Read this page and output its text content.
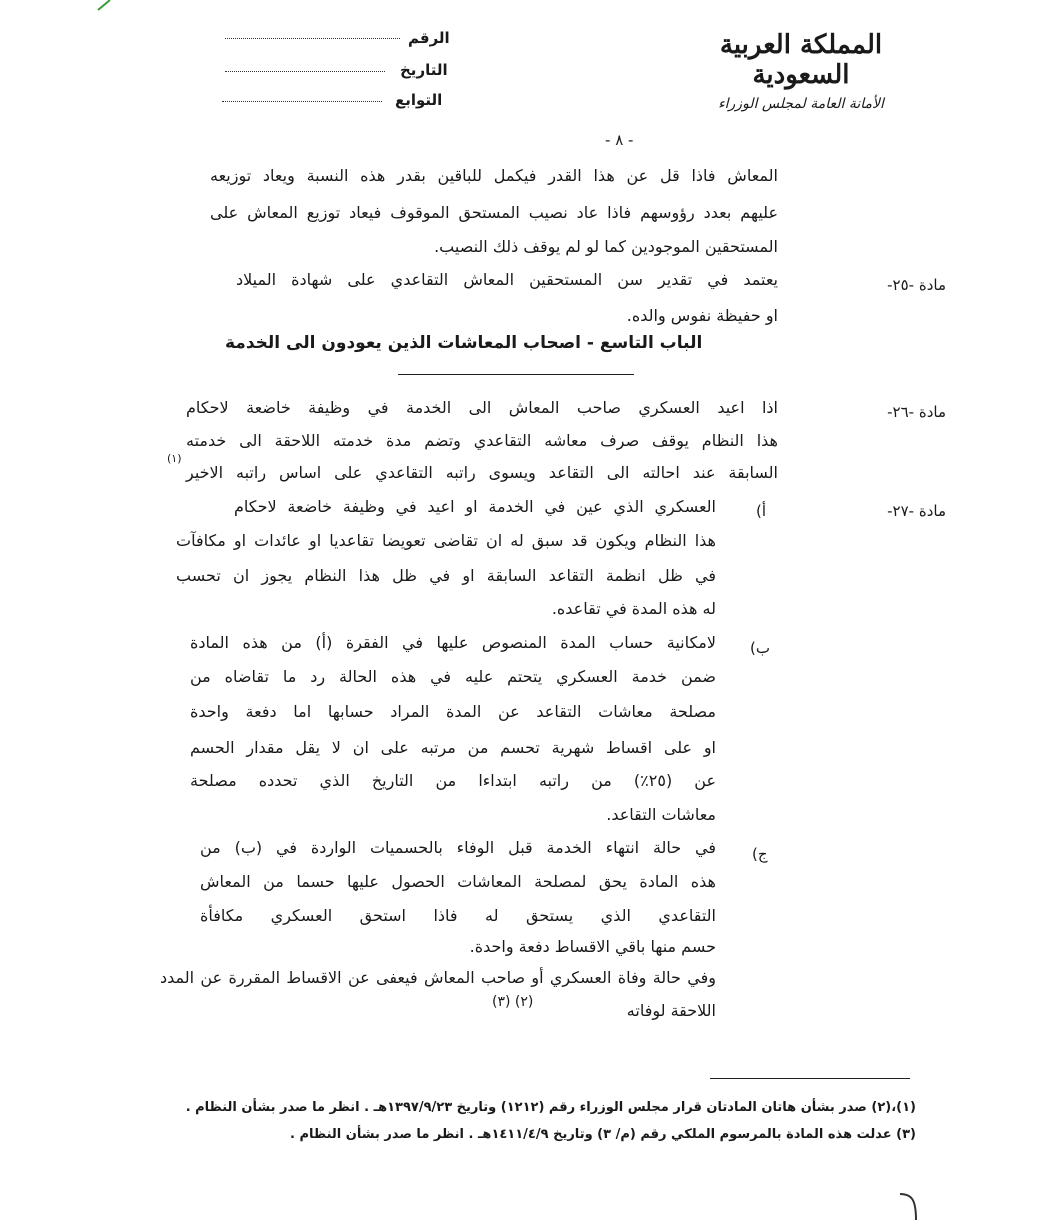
المملكة العربية السعودية
الأمانة العامة لمجلس الوزراء
الرقم
التاريخ
التوابع
- ٨ -
المعاش فاذا قل عن هذا القدر فيكمل للباقين بقدر هذه النسبة ويعاد توزيعه
عليهم بعدد رؤوسهم فاذا عاد نصيب المستحق الموقوف فيعاد توزيع المعاش على
المستحقين الموجودين كما لو لم يوقف ذلك النصيب.
مادة -٢٥-
يعتمد في تقدير سن المستحقين المعاش التقاعدي على شهادة الميلاد
او حفيظة نفوس والده.
الباب التاسع - اصحاب المعاشات الذين يعودون الى الخدمة
مادة -٢٦-
اذا اعيد العسكري صاحب المعاش الى الخدمة في وظيفة خاضعة لاحكام
هذا النظام يوقف صرف معاشه التقاعدي وتضم مدة خدمته اللاحقة الى خدمته
السابقة عند احالته الى التقاعد ويسوى راتبه التقاعدي على اساس راتبه الاخير
(١)
مادة -٢٧-
أ)
العسكري الذي عين في الخدمة او اعيد في وظيفة خاضعة لاحكام
هذا النظام ويكون قد سبق له ان تقاضى تعويضا تقاعديا او عائدات او مكافآت
في ظل انظمة التقاعد السابقة او في ظل هذا النظام يجوز ان تحسب
له هذه المدة في تقاعده.
ب)
لامكانية حساب المدة المنصوص عليها في الفقرة (أ) من هذه المادة
ضمن خدمة العسكري يتحتم عليه في هذه الحالة رد ما تقاضاه من
مصلحة معاشات التقاعد عن المدة المراد حسابها اما دفعة واحدة
او على اقساط شهرية تحسم من مرتبه على ان لا يقل مقدار الحسم
عن (٢٥٪) من راتبه ابتداءا من التاريخ الذي تحدده مصلحة
معاشات التقاعد.
ج)
في حالة انتهاء الخدمة قبل الوفاء بالحسميات الواردة في (ب) من
هذه المادة يحق لمصلحة المعاشات الحصول عليها حسما من المعاش
التقاعدي الذي يستحق له فاذا استحق العسكري مكافأة
حسم منها باقي الاقساط دفعة واحدة.
وفي حالة وفاة العسكري أو صاحب المعاش فيعفى عن الاقساط المقررة عن المدد
اللاحقة لوفاته
(٢) (٣)
(١)،(٢) صدر بشأن هاتان المادتان قرار مجلس الوزراء رقم (١٢١٢) وتاريخ ١٣٩٧/٩/٢٣هـ . انظر ما صدر بشأن النظام .
(٣) عدلت هذه المادة بالمرسوم الملكي رقم (م/ ٣) وتاريخ ١٤١١/٤/٩هـ . انظر ما صدر بشأن النظام .
